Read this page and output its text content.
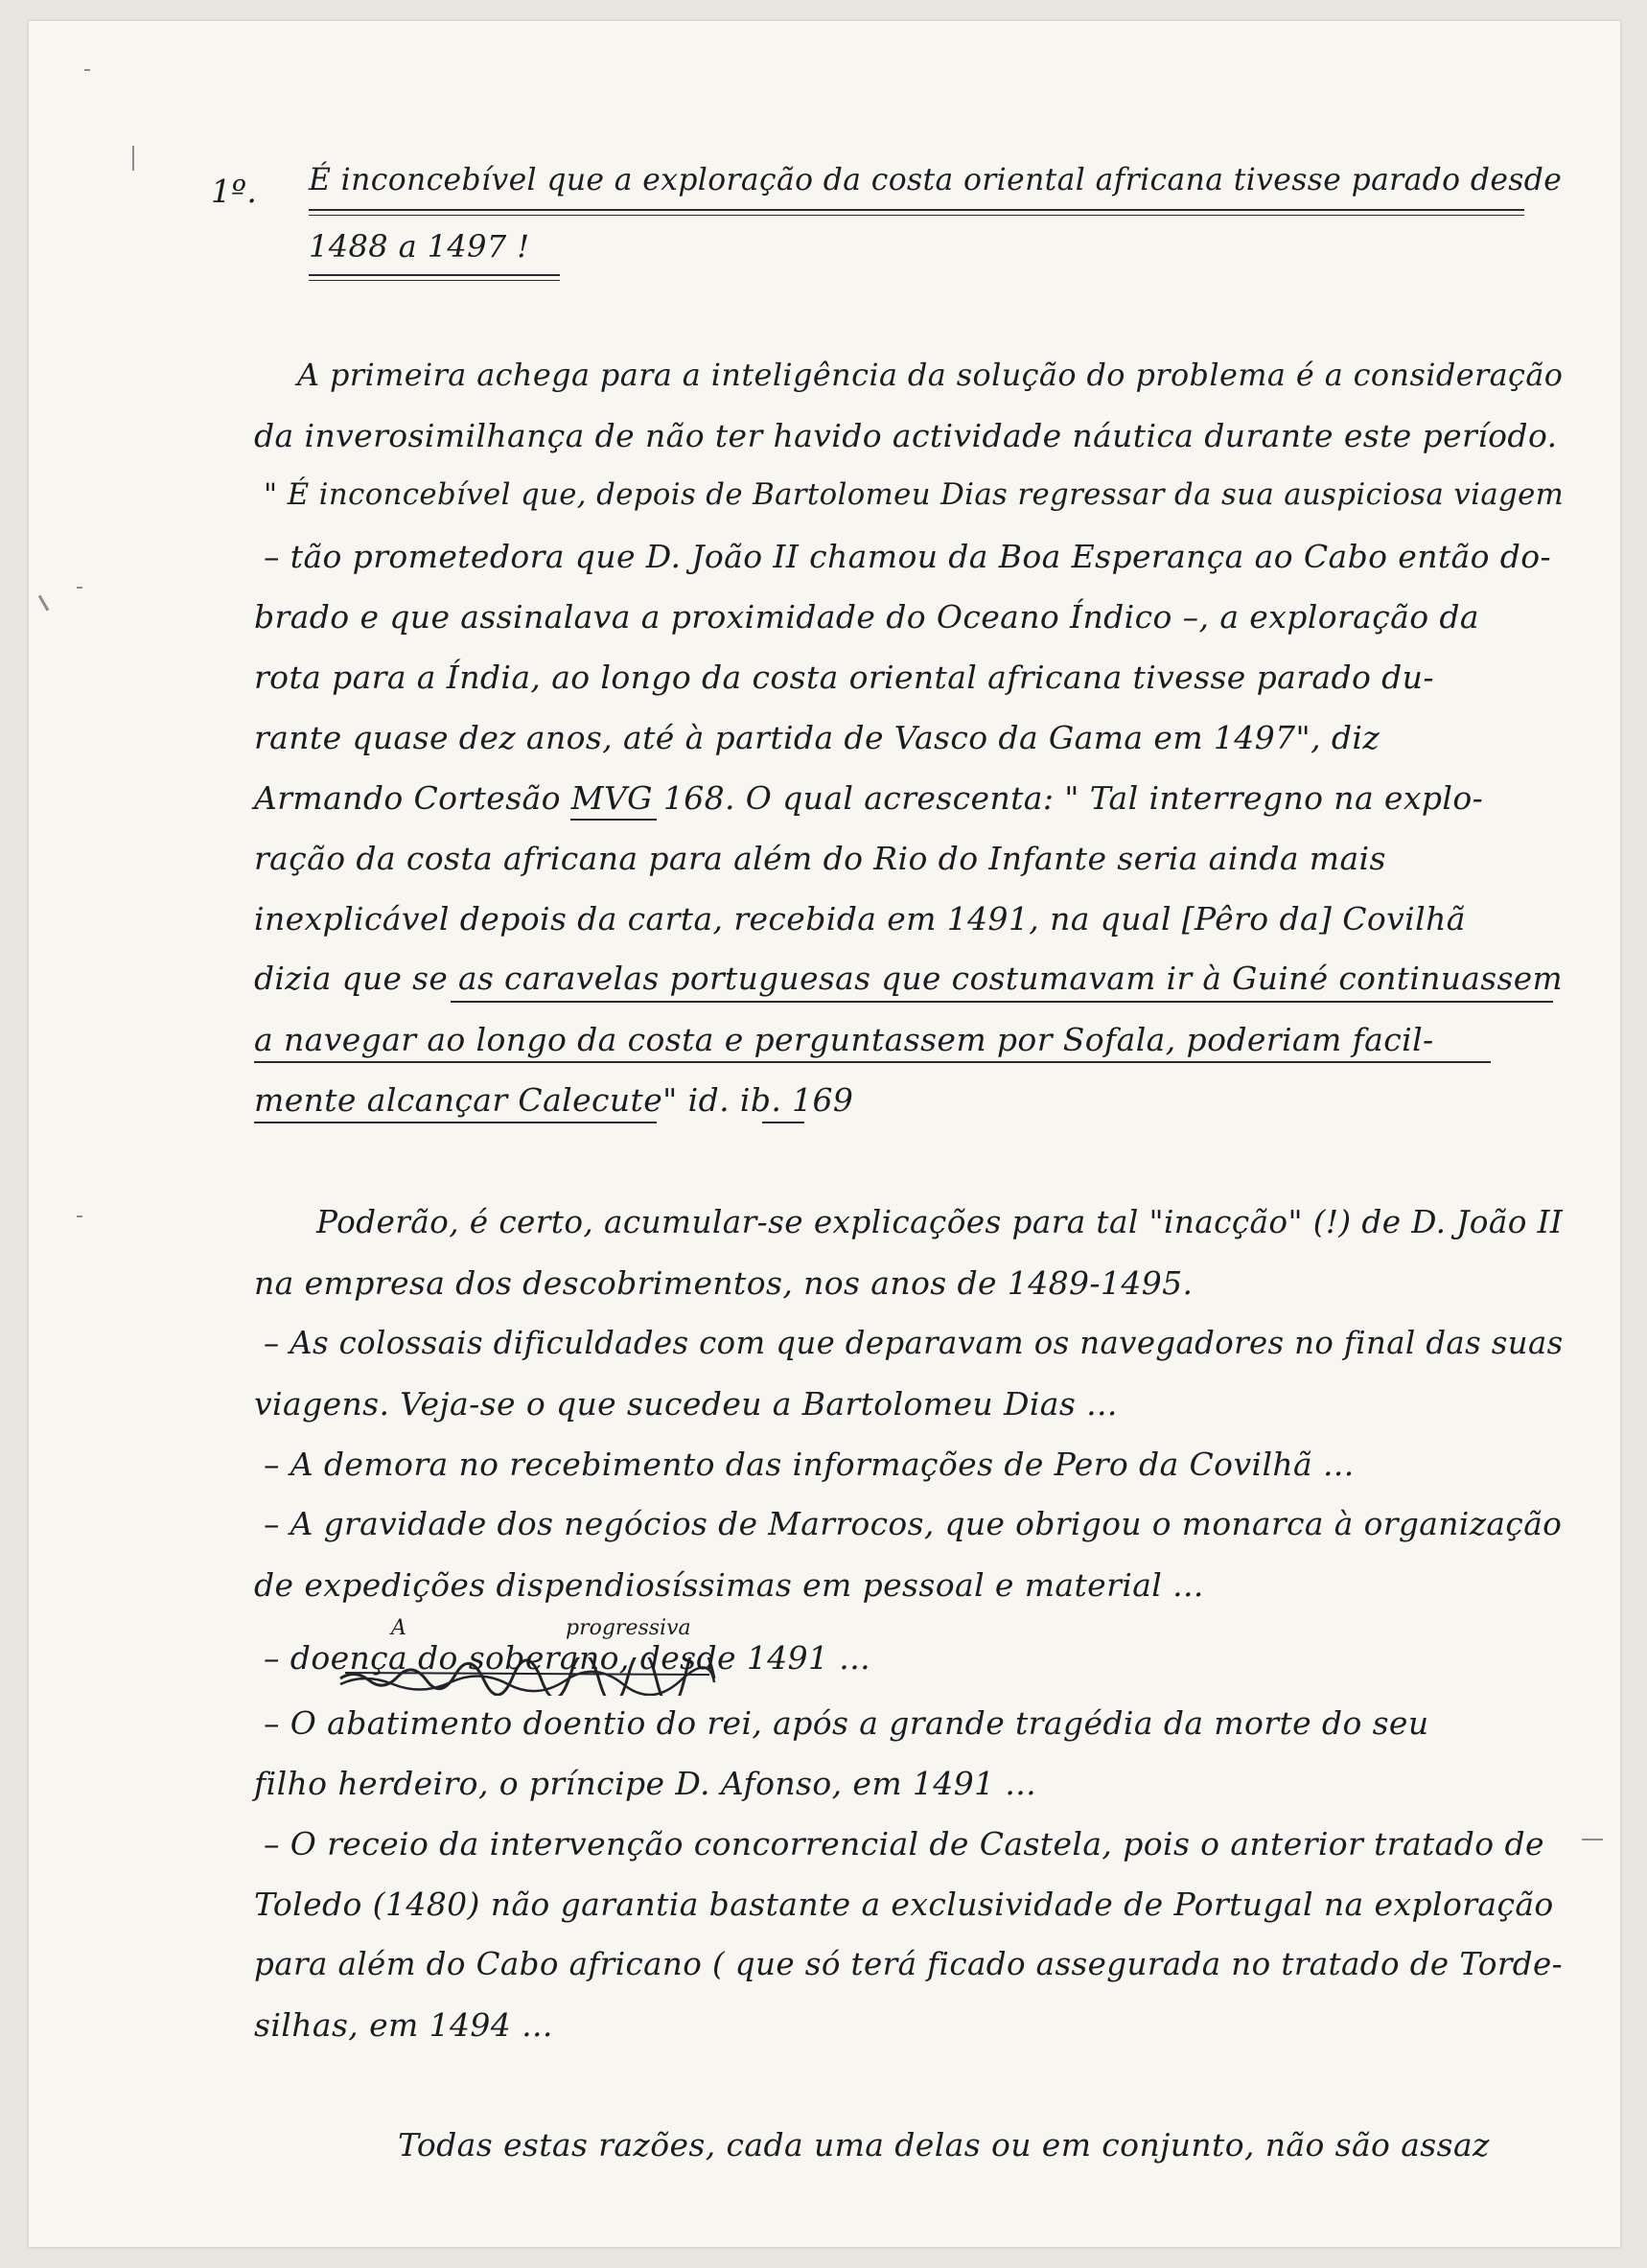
1º. É inconcebível que a exploração da costa oriental africana tivesse parado desde
1488 a 1497 !
A primeira achega para a inteligência da solução do problema é a consideração
da inverosimilhança de não ter havido actividade náutica durante este período.
" É inconcebível que, depois de Bartolomeu Dias regressar da sua auspiciosa viagem
– tão prometedora que D. João II chamou da Boa Esperança ao Cabo então do-
brado e que assinalava a proximidade do Oceano Índico –, a exploração da
rota para a Índia, ao longo da costa oriental africana tivesse parado du-
rante quase dez anos, até à partida de Vasco da Gama em 1497", diz
Armando Cortesão MVG 168. O qual acrescenta: " Tal interregno na explo-
ração da costa africana para além do Rio do Infante seria ainda mais
inexplicável depois da carta, recebida em 1491, na qual [Pêro da] Covilhã
dizia que se as caravelas portuguesas que costumavam ir à Guiné continuassem
a navegar ao longo da costa e perguntassem por Sofala, poderiam facil-
mente alcançar Calecute" id. ib. 169
Poderão, é certo, acumular-se explicações para tal "inacção" (!) de D. João II
na empresa dos descobrimentos, nos anos de 1489-1495.
– As colossais dificuldades com que deparavam os navegadores no final das suas
viagens. Veja-se o que sucedeu a Bartolomeu Dias ...
– A demora no recebimento das informações de Pero da Covilhã ...
– A gravidade dos negócios de Marrocos, que obrigou o monarca à organização
de expedições dispendiosíssimas em pessoal e material ...
A	progressiva
– doença do soberano, desde 1491 ...
– O abatimento doentio do rei, após a grande tragédia da morte do seu
filho herdeiro, o príncipe D. Afonso, em 1491 ...
– O receio da intervenção concorrencial de Castela, pois o anterior tratado de
Toledo (1480) não garantia bastante a exclusividade de Portugal na exploração
para além do Cabo africano ( que só terá ficado assegurada no tratado de Torde-
silhas, em 1494 ...
Todas estas razões, cada uma delas ou em conjunto, não são assaz
